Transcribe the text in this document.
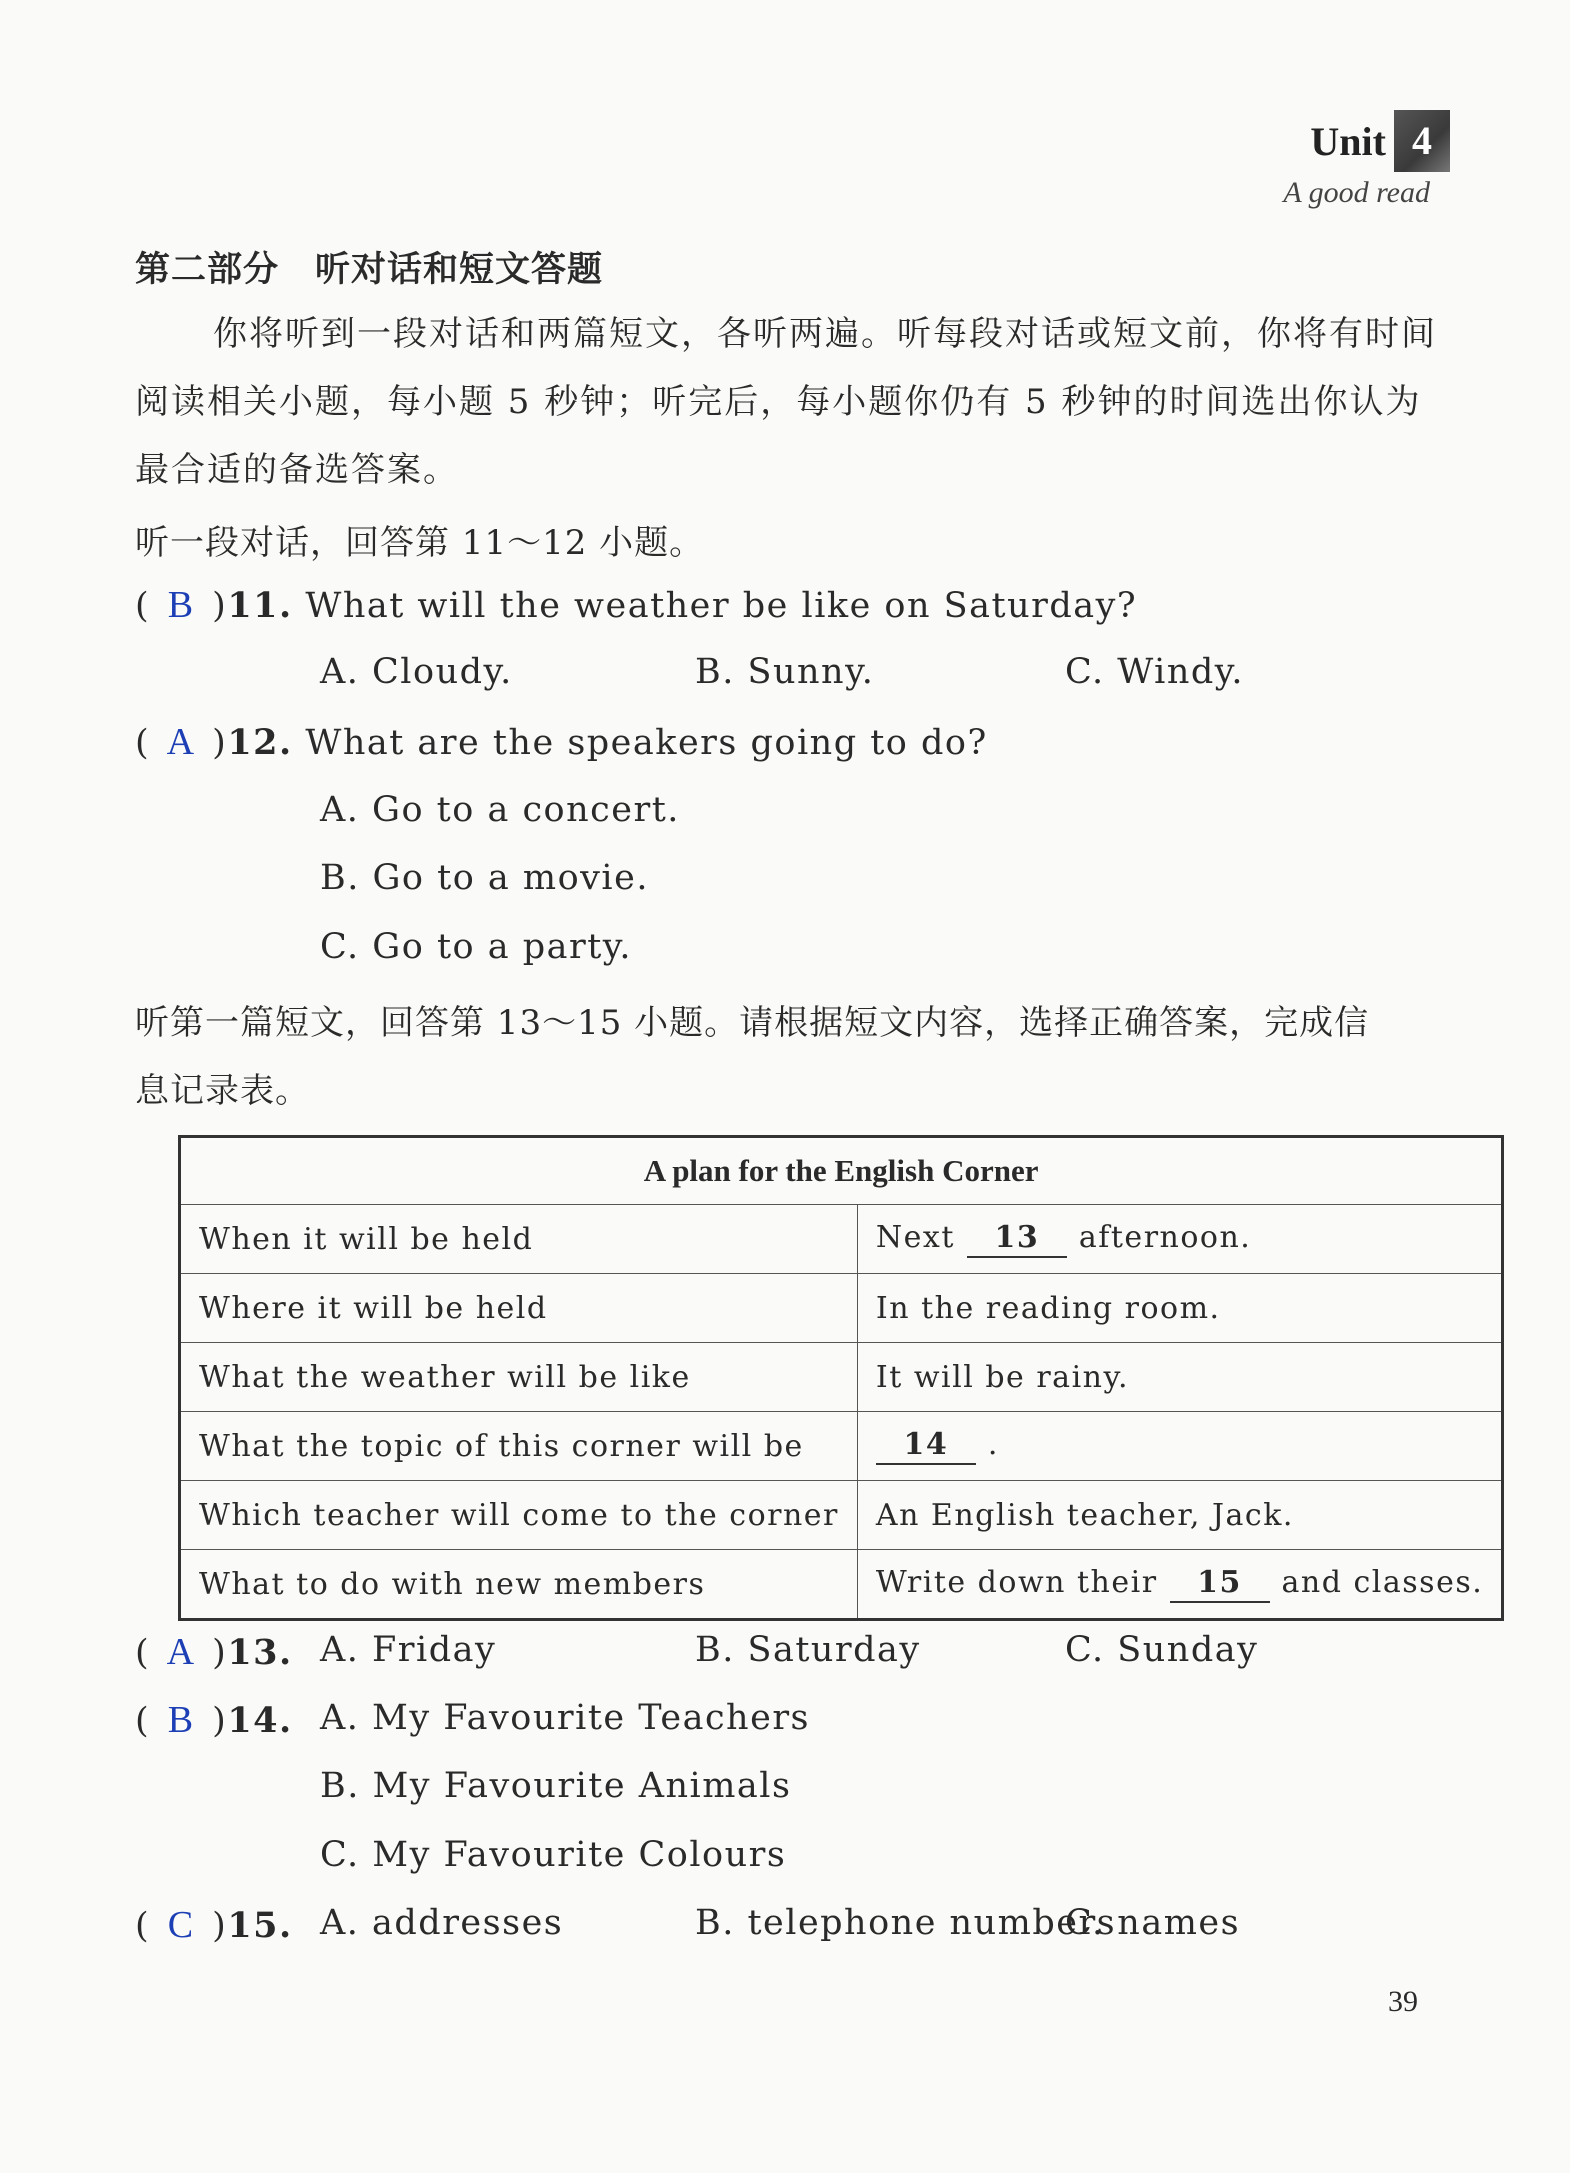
Unit 4
A good read
第二部分　听对话和短文答题
你将听到一段对话和两篇短文，各听两遍。听每段对话或短文前，你将有时间阅读相关小题，每小题 5 秒钟；听完后，每小题你仍有 5 秒钟的时间选出你认为最合适的备选答案。
听一段对话，回答第 11～12 小题。
( B )11. What will the weather be like on Saturday?
A. Cloudy.	B. Sunny.	C. Windy.
( A )12. What are the speakers going to do?
A. Go to a concert.
B. Go to a movie.
C. Go to a party.
听第一篇短文，回答第 13～15 小题。请根据短文内容，选择正确答案，完成信
息记录表。
A plan for the English Corner	
When it will be held	Next 13 afternoon.
Where it will be held	In the reading room.
What the weather will be like	It will be rainy.
What the topic of this corner will be	14 .
Which teacher will come to the corner	An English teacher, Jack.
What to do with new members	Write down their 15 and classes.
( A )13. A. Friday	B. Saturday	C. Sunday
( B )14. A. My Favourite Teachers
B. My Favourite Animals
C. My Favourite Colours
( C )15. A. addresses	B. telephone numbers
C. names
39
